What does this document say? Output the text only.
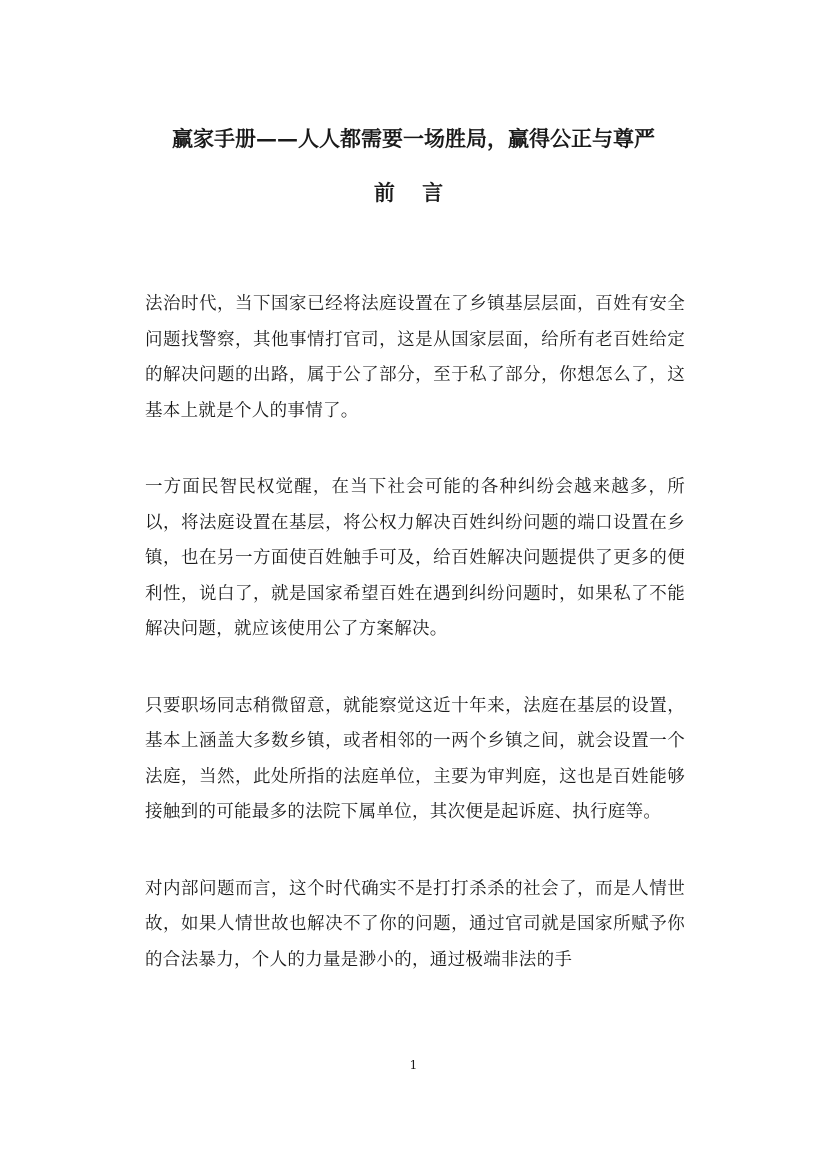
赢家手册——人人都需要一场胜局，赢得公正与尊严
前 言

法治时代，当下国家已经将法庭设置在了乡镇基层层面，百姓有安全问题找警察，其他事情打官司，这是从国家层面，给所有老百姓给定的解决问题的出路，属于公了部分，至于私了部分，你想怎么了，这基本上就是个人的事情了。

一方面民智民权觉醒，在当下社会可能的各种纠纷会越来越多，所以，将法庭设置在基层，将公权力解决百姓纠纷问题的端口设置在乡镇，也在另一方面使百姓触手可及，给百姓解决问题提供了更多的便利性，说白了，就是国家希望百姓在遇到纠纷问题时，如果私了不能解决问题，就应该使用公了方案解决。

只要职场同志稍微留意，就能察觉这近十年来，法庭在基层的设置，基本上涵盖大多数乡镇，或者相邻的一两个乡镇之间，就会设置一个法庭，当然，此处所指的法庭单位，主要为审判庭，这也是百姓能够接触到的可能最多的法院下属单位，其次便是起诉庭、执行庭等。

对内部问题而言，这个时代确实不是打打杀杀的社会了，而是人情世故，如果人情世故也解决不了你的问题，通过官司就是国家所赋予你的合法暴力，个人的力量是渺小的，通过极端非法的手

1
